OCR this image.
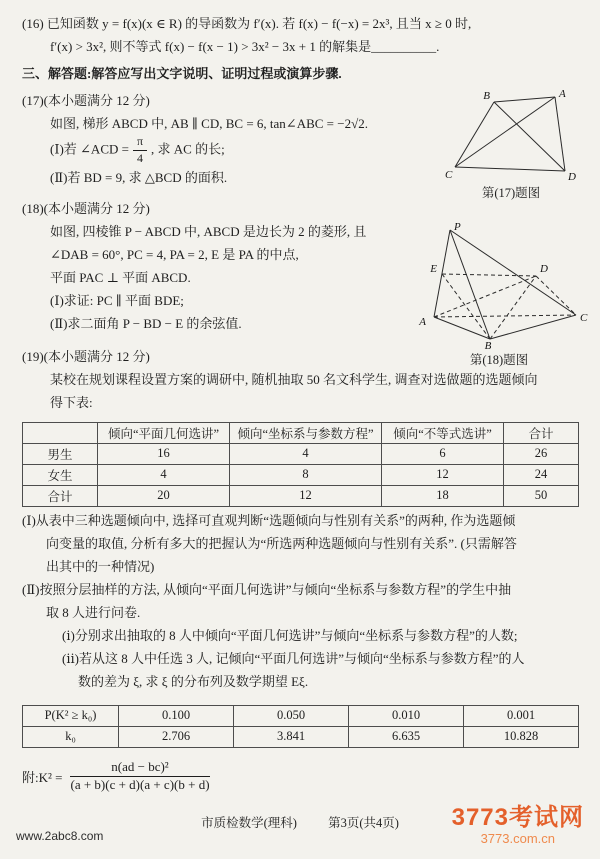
(16) 已知函数 y = f(x)(x ∈ R) 的导函数为 f′(x). 若 f(x) − f(−x) = 2x³, 且当 x ≥ 0 时,

f′(x) > 3x², 则不等式 f(x) − f(x − 1) > 3x² − 3x + 1 的解集是__________.

三、解答题:解答应写出文字说明、证明过程或演算步骤.

(17)(本小题满分 12 分)

如图, 梯形 ABCD 中, AB ∥ CD, BC = 6, tan∠ABC = −2√2.

(Ⅰ)若 ∠ACD = $\frac{\pi}{4}$ , 求 AC 的长;

(Ⅱ)若 BD = 9, 求 △BCD 的面积.

(18)(本小题满分 12 分)

如图, 四棱锥 P − ABCD 中, ABCD 是边长为 2 的菱形, 且

∠DAB = 60°, PC = 4, PA = 2, E 是 PA 的中点,

平面 PAC ⊥ 平面 ABCD.

(Ⅰ)求证: PC ∥ 平面 BDE;

(Ⅱ)求二面角 P − BD − E 的余弦值.

(19)(本小题满分 12 分)

某校在规划课程设置方案的调研中, 随机抽取 50 名文科学生, 调查对选做题的选题倾向

得下表:

	倾向“平面几何选讲”	倾向“坐标系与参数方程”	倾向“不等式选讲”	合计
男生	16	4	6	26
女生	4	8	12	24
合计	20	12	18	50

(Ⅰ)从表中三种选题倾向中, 选择可直观判断“选题倾向与性别有关系”的两种, 作为选题倾

向变量的取值, 分析有多大的把握认为“所选两种选题倾向与性别有关系”. (只需解答

出其中的一种情况)

(Ⅱ)按照分层抽样的方法, 从倾向“平面几何选讲”与倾向“坐标系与参数方程”的学生中抽

取 8 人进行问卷.

(ⅰ)分别求出抽取的 8 人中倾向“平面几何选讲”与倾向“坐标系与参数方程”的人数;

(ⅱ)若从这 8 人中任选 3 人, 记倾向“平面几何选讲”与倾向“坐标系与参数方程”的人

数的差为 ξ, 求 ξ 的分布列及数学期望 Eξ.

P(K² ≥ k₀)	0.100	0.050	0.010	0.001
k₀	2.706	3.841	6.635	10.828
附:K² = $\frac{\text{n(ad − bc)²}}{(a + b)(c + d)(a + c)(b + d)}$
B	A
C	D
第(17)题图
P
E
A
B
C
D
第(18)题图
市质检数学(理科) 第3页(共4页)
www.2abc8.com
3773考试网
3773.com.cn
